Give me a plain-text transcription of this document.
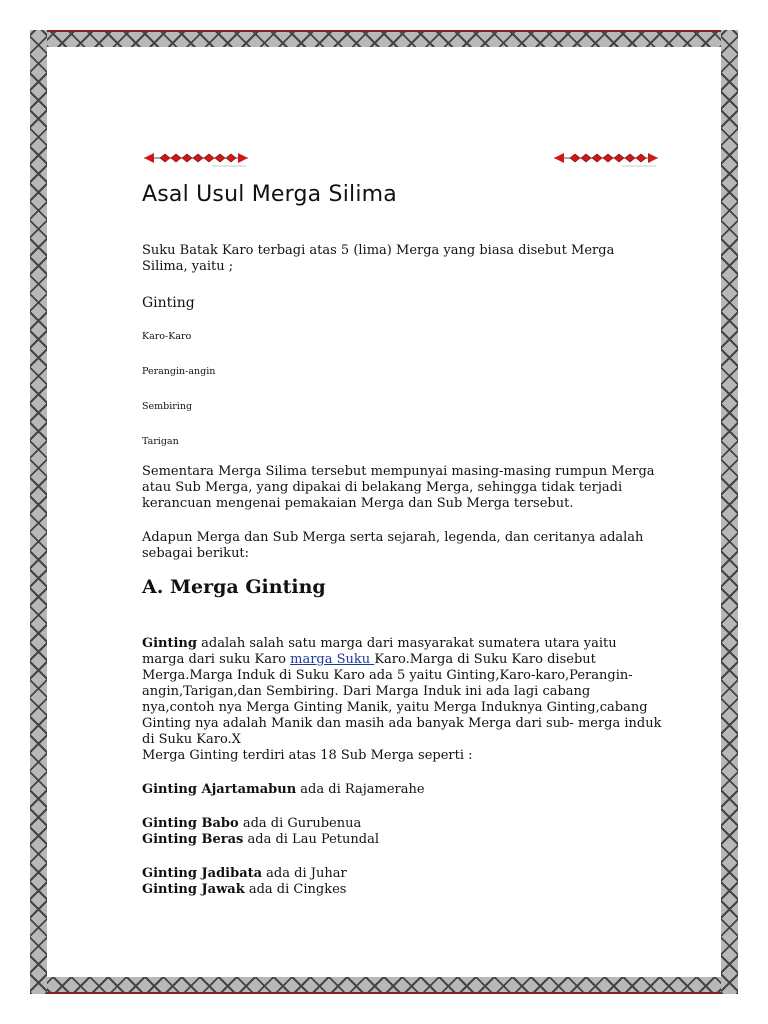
Asal Usul Merga Silima

Suku Batak Karo terbagi atas 5 (lima) Merga yang biasa disebut Merga Silima, yaitu ;

Ginting

Karo-Karo

Perangin-angin

Sembiring

Tarigan

Sementara Merga Silima tersebut mempunyai masing-masing rumpun Merga atau Sub Merga, yang dipakai di belakang Merga, sehingga tidak terjadi kerancuan mengenai pemakaian Merga dan Sub Merga tersebut.

Adapun Merga dan Sub Merga serta sejarah, legenda, dan ceritanya adalah sebagai berikut:

A. Merga Ginting

Ginting adalah salah satu marga dari masyarakat sumatera utara yaitu marga dari suku Karo marga Suku Karo.Marga di Suku Karo disebut Merga.Marga Induk di Suku Karo ada 5 yaitu Ginting,Karo-karo,Perangin-angin,Tarigan,dan Sembiring. Dari Marga Induk ini ada lagi cabang nya,contoh nya Merga Ginting Manik, yaitu Merga Induknya Ginting,cabang Ginting nya adalah Manik dan masih ada banyak Merga dari sub- merga induk di Suku Karo.X
Merga Ginting terdiri atas 18 Sub Merga seperti :

Ginting Ajartamabun ada di Rajamerahe

Ginting Babo ada di Gurubenua

Ginting Beras ada di Lau Petundal

Ginting Jadibata ada di Juhar

Ginting Jawak ada di Cingkes
